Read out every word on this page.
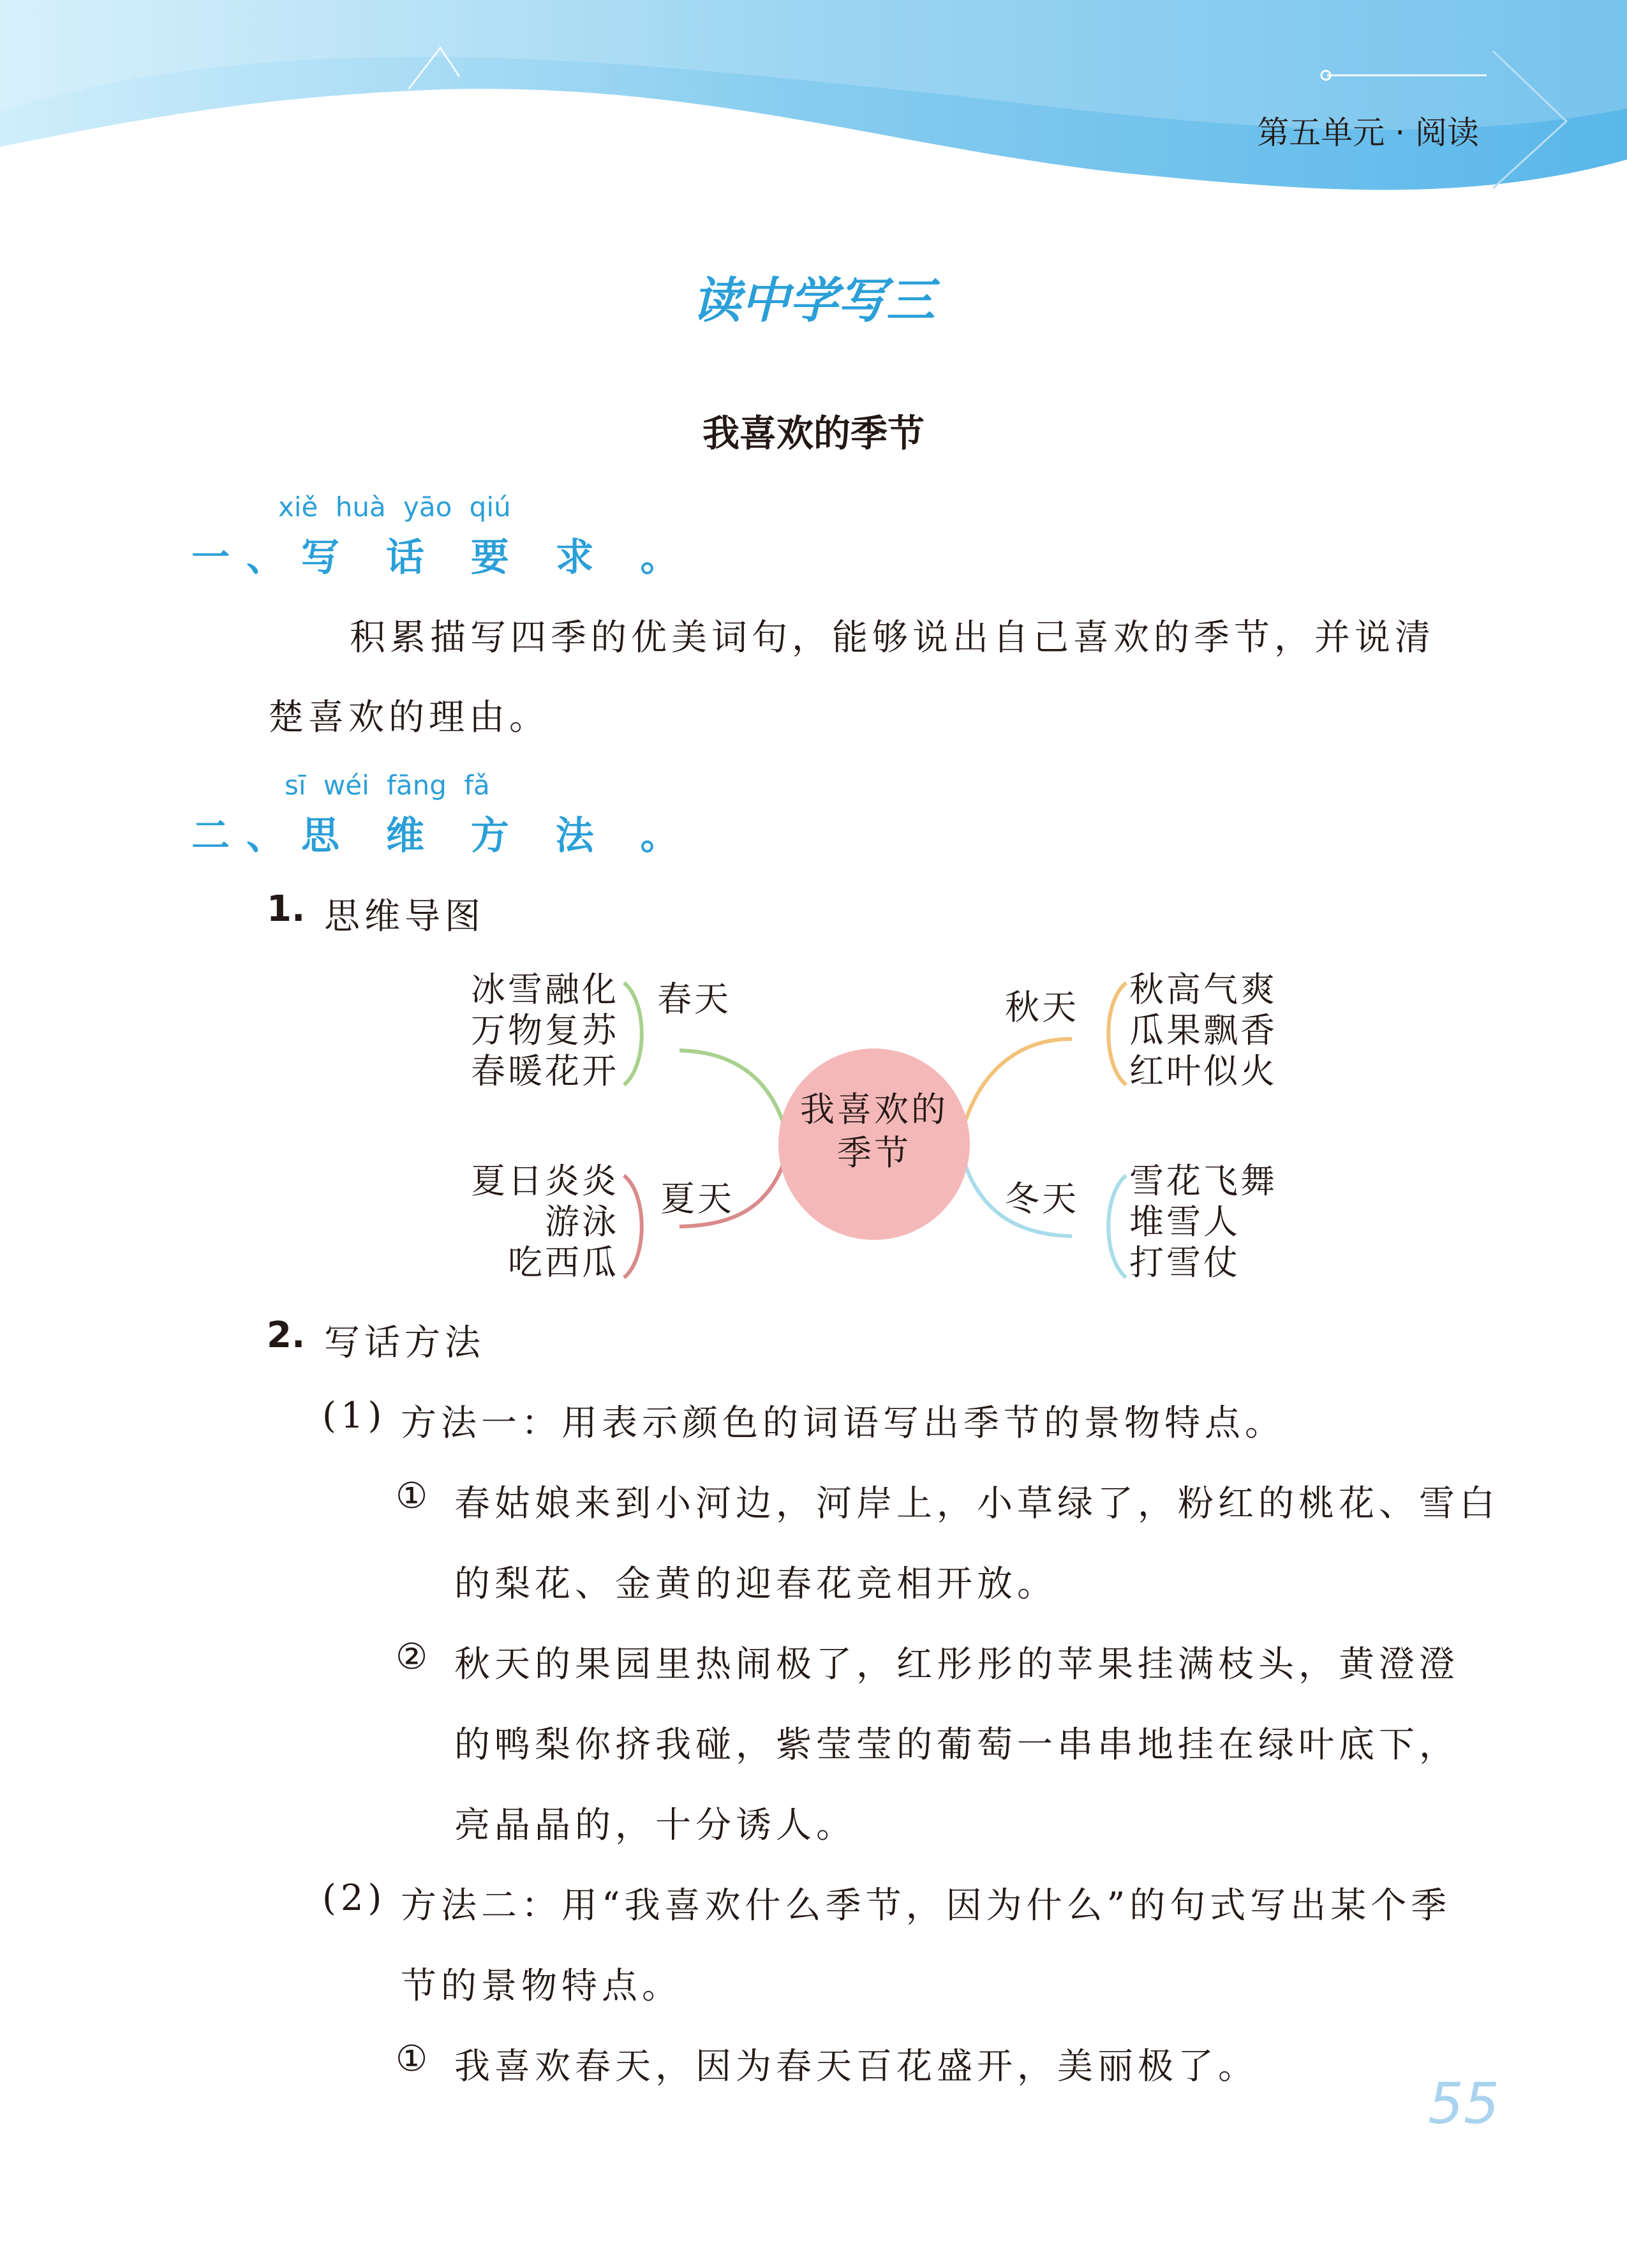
第五单元 · 阅读
读中学写三
我喜欢的季节
xiě huà yāo qiú
一、写 话 要 求 。
积累描写四季的优美词句，能够说出自己喜欢的季节，并说清
楚喜欢的理由。
sī wéi fāng fǎ
二、思 维 方 法 。
1. 思维导图
我喜欢的
季节
春天
冰雪融化
万物复苏
春暖花开
夏天
夏日炎炎
游泳
吃西瓜
秋天 秋高气爽
瓜果飘香
红叶似火
冬天 雪花飞舞
堆雪人
打雪仗
2. 写话方法
(1) 方法一：用表示颜色的词语写出季节的景物特点。
① 春姑娘来到小河边，河岸上，小草绿了，粉红的桃花、雪白
的梨花、金黄的迎春花竞相开放。
② 秋天的果园里热闹极了，红彤彤的苹果挂满枝头，黄澄澄
的鸭梨你挤我碰，紫莹莹的葡萄一串串地挂在绿叶底下，
亮晶晶的，十分诱人。
(2) 方法二：用“我喜欢什么季节，因为什么”的句式写出某个季
节的景物特点。
① 我喜欢春天，因为春天百花盛开，美丽极了。
55
